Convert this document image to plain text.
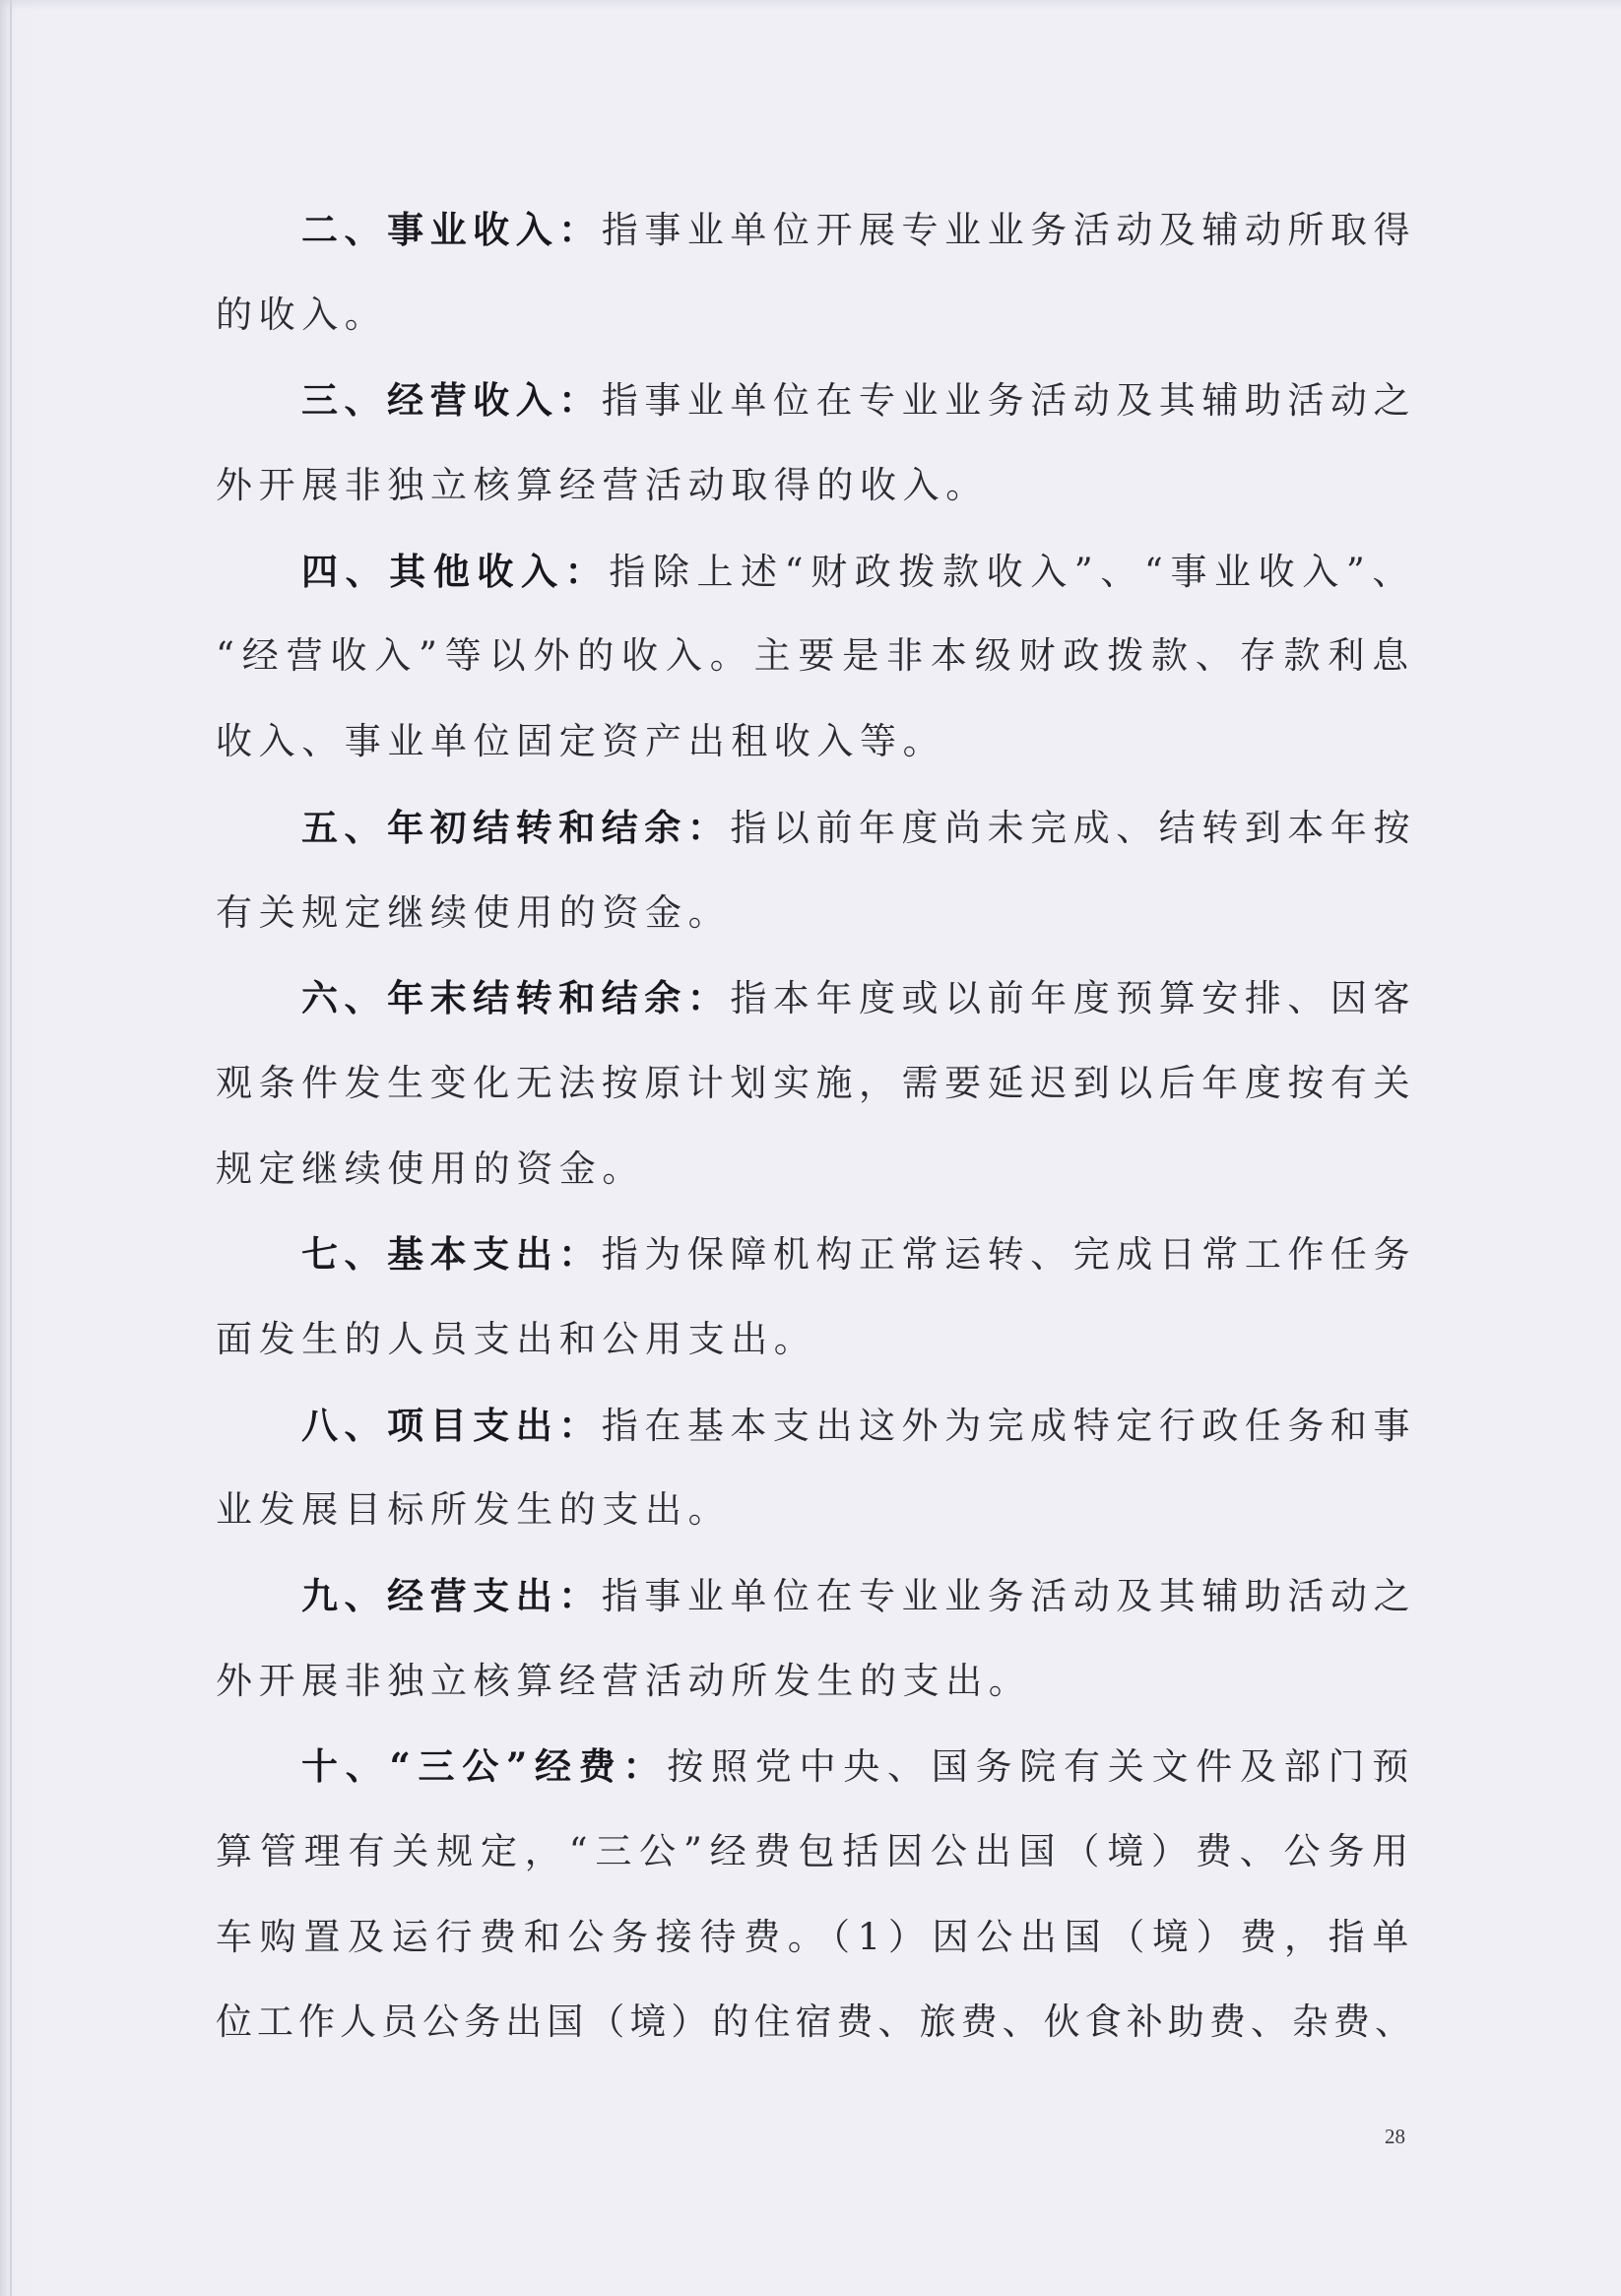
二、事业收入：指事业单位开展专业业务活动及辅动所取得
的收入。
三、经营收入：指事业单位在专业业务活动及其辅助活动之
外开展非独立核算经营活动取得的收入。
四、其他收入：指除上述“财政拨款收入”、“事业收入”、
“经营收入”等以外的收入。主要是非本级财政拨款、存款利息
收入、事业单位固定资产出租收入等。
五、年初结转和结余：指以前年度尚未完成、结转到本年按
有关规定继续使用的资金。
六、年末结转和结余：指本年度或以前年度预算安排、因客
观条件发生变化无法按原计划实施，需要延迟到以后年度按有关
规定继续使用的资金。
七、基本支出：指为保障机构正常运转、完成日常工作任务
面发生的人员支出和公用支出。
八、项目支出：指在基本支出这外为完成特定行政任务和事
业发展目标所发生的支出。
九、经营支出：指事业单位在专业业务活动及其辅助活动之
外开展非独立核算经营活动所发生的支出。
十、“三公”经费：按照党中央、国务院有关文件及部门预
算管理有关规定，“三公”经费包括因公出国（境）费、公务用
车购置及运行费和公务接待费。（1）因公出国（境）费，指单
位工作人员公务出国（境）的住宿费、旅费、伙食补助费、杂费、
28
